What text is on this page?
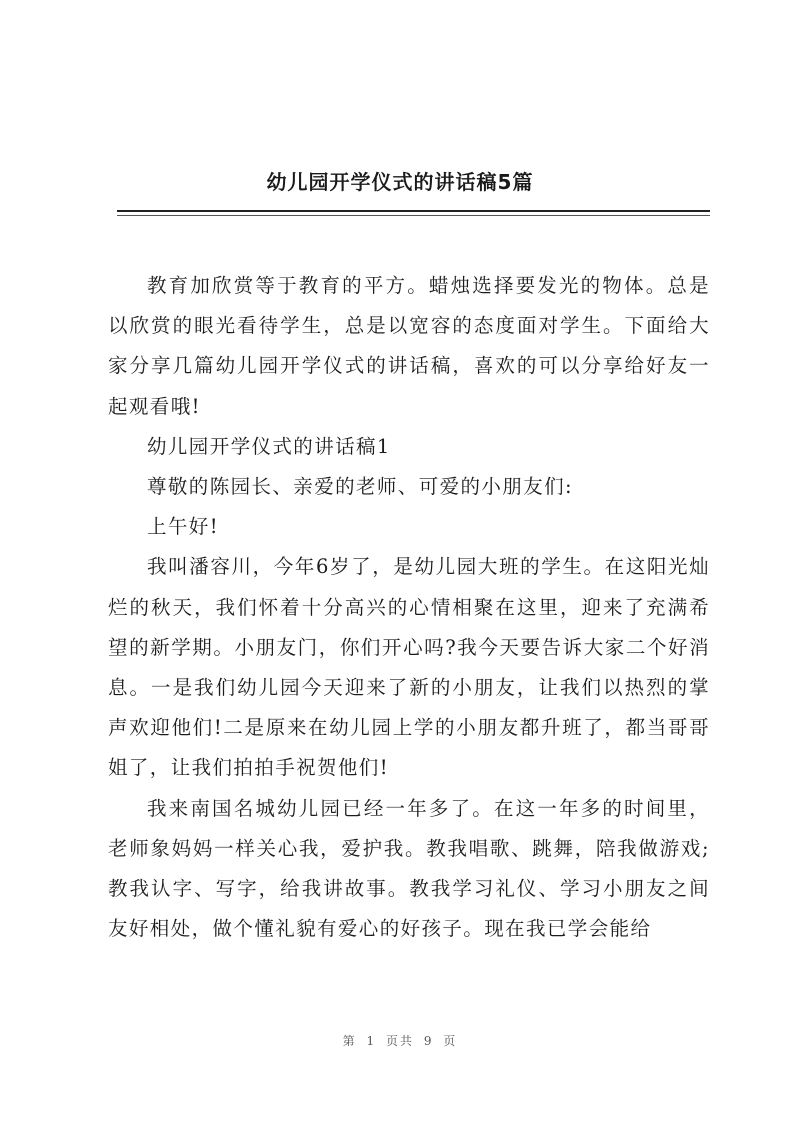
幼儿园开学仪式的讲话稿5篇

教育加欣赏等于教育的平方。蜡烛选择要发光的物体。总是以欣赏的眼光看待学生，总是以宽容的态度面对学生。下面给大家分享几篇幼儿园开学仪式的讲话稿，喜欢的可以分享给好友一起观看哦!

幼儿园开学仪式的讲话稿1

尊敬的陈园长、亲爱的老师、可爱的小朋友们:

上午好!

我叫潘容川，今年6岁了，是幼儿园大班的学生。在这阳光灿烂的秋天，我们怀着十分高兴的心情相聚在这里，迎来了充满希望的新学期。小朋友门，你们开心吗?我今天要告诉大家二个好消息。一是我们幼儿园今天迎来了新的小朋友，让我们以热烈的掌声欢迎他们!二是原来在幼儿园上学的小朋友都升班了，都当哥哥姐了，让我们拍拍手祝贺他们!

我来南国名城幼儿园已经一年多了。在这一年多的时间里，老师象妈妈一样关心我，爱护我。教我唱歌、跳舞，陪我做游戏;教我认字、写字，给我讲故事。教我学习礼仪、学习小朋友之间友好相处，做个懂礼貌有爱心的好孩子。现在我已学会能给

第 1 页共 9 页
